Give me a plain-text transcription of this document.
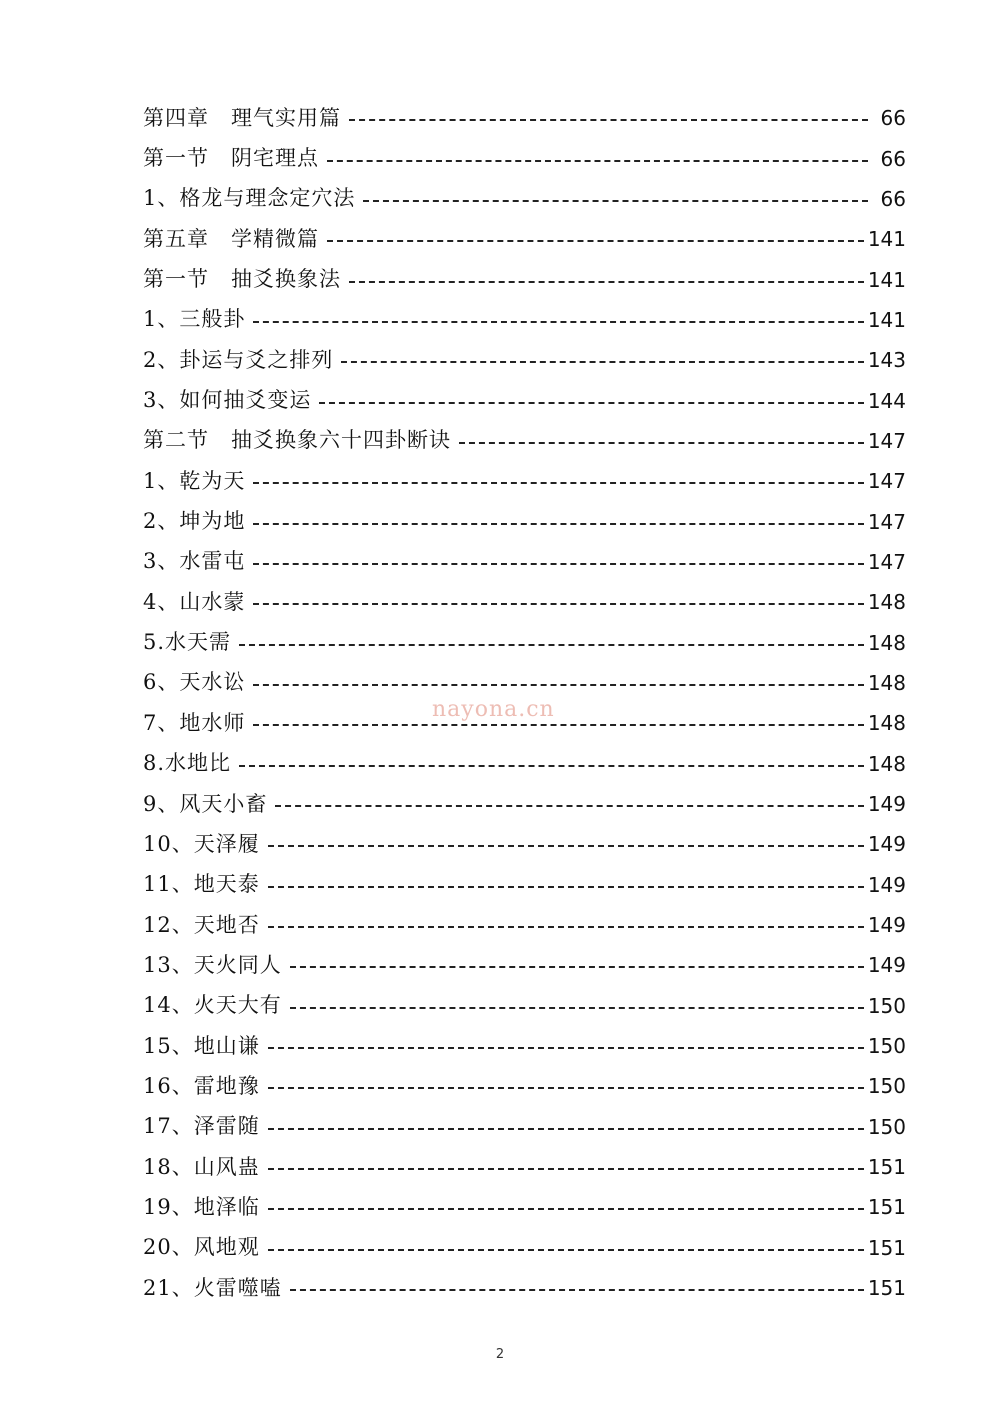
第四章　理气实用篇	66
第一节　阴宅理点	66
1、格龙与理念定穴法	66
第五章　学精微篇	141
第一节　抽爻换象法	141
1、三般卦	141
2、卦运与爻之排列	143
3、如何抽爻变运	144
第二节　抽爻换象六十四卦断诀	147
1、乾为天	147
2、坤为地	147
3、水雷屯	147
4、山水蒙	148
5.水天需	148
6、天水讼	148
7、地水师	148
8.水地比	148
9、风天小畜	149
10、天泽履	149
11、地天泰	149
12、天地否	149
13、天火同人	149
14、火天大有	150
15、地山谦	150
16、雷地豫	150
17、泽雷随	150
18、山风蛊	151
19、地泽临	151
20、风地观	151
21、火雷噬嗑	151
nayona.cn
2
